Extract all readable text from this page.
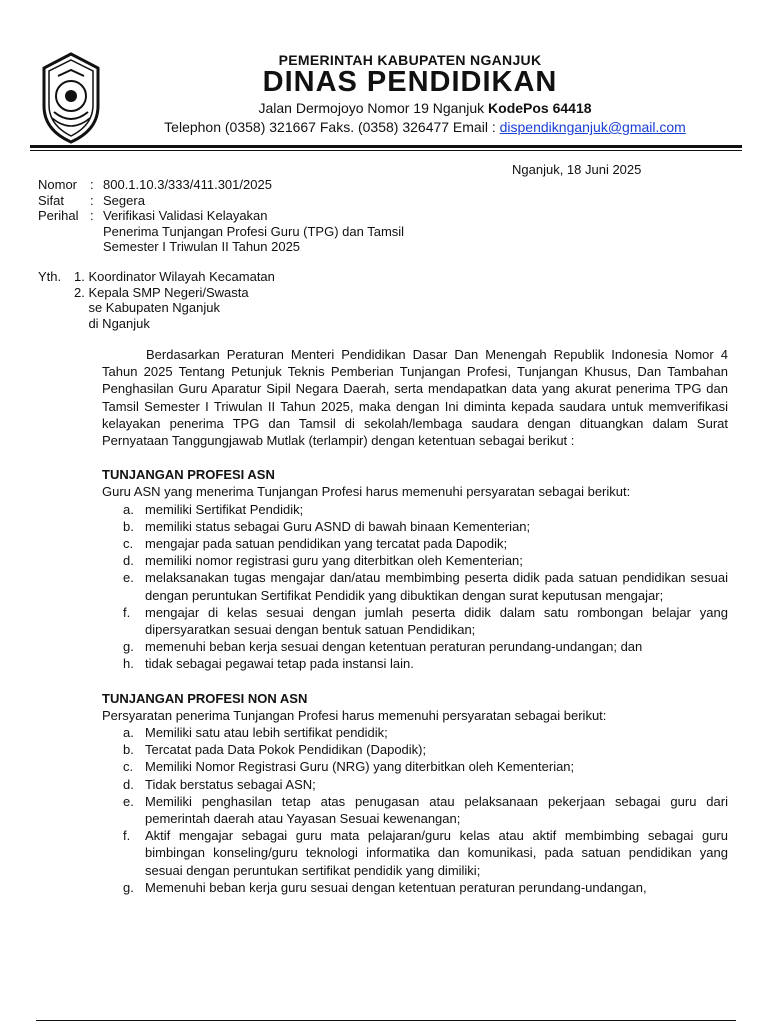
PEMERINTAH KABUPATEN NGANJUK
DINAS PENDIDIKAN
Jalan Dermojoyo Nomor 19 Nganjuk KodePos 64418
Telephon (0358) 321667 Faks. (0358) 326477 Email : dispendiknganjuk@gmail.com
Nganjuk, 18 Juni 2025
Nomor : 800.1.10.3/333/411.301/2025
Sifat	: Segera
Perihal : Verifikasi Validasi Kelayakan
Penerima Tunjangan Profesi Guru (TPG) dan Tamsil
Semester I Triwulan II Tahun 2025
Yth. 1. Koordinator Wilayah Kecamatan
2. Kepala SMP Negeri/Swasta
se Kabupaten Nganjuk
di Nganjuk
Berdasarkan Peraturan Menteri Pendidikan Dasar Dan Menengah Republik Indonesia Nomor 4 Tahun 2025 Tentang Petunjuk Teknis Pemberian Tunjangan Profesi, Tunjangan Khusus, Dan Tambahan Penghasilan Guru Aparatur Sipil Negara Daerah, serta mendapatkan data yang akurat penerima TPG dan Tamsil Semester I Triwulan II Tahun 2025, maka dengan Ini diminta kepada saudara untuk memverifikasi kelayakan penerima TPG dan Tamsil di sekolah/lembaga saudara dengan dituangkan dalam Surat Pernyataan Tanggungjawab Mutlak (terlampir) dengan ketentuan sebagai berikut :
TUNJANGAN PROFESI ASN
Guru ASN yang menerima Tunjangan Profesi harus memenuhi persyaratan sebagai berikut:
a. memiliki Sertifikat Pendidik;
b. memiliki status sebagai Guru ASND di bawah binaan Kementerian;
c. mengajar pada satuan pendidikan yang tercatat pada Dapodik;
d. memiliki nomor registrasi guru yang diterbitkan oleh Kementerian;
e. melaksanakan tugas mengajar dan/atau membimbing peserta didik pada satuan pendidikan sesuai dengan peruntukan Sertifikat Pendidik yang dibuktikan dengan surat keputusan mengajar;
f.	mengajar di kelas sesuai dengan jumlah peserta didik dalam satu rombongan belajar yang dipersyaratkan sesuai dengan bentuk satuan Pendidikan;
g. memenuhi beban kerja sesuai dengan ketentuan peraturan perundang-undangan; dan
h. tidak sebagai pegawai tetap pada instansi lain.
TUNJANGAN PROFESI NON ASN
Persyaratan penerima Tunjangan Profesi harus memenuhi persyaratan sebagai berikut:
a. Memiliki satu atau lebih sertifikat pendidik;
b. Tercatat pada Data Pokok Pendidikan (Dapodik);
c. Memiliki Nomor Registrasi Guru (NRG) yang diterbitkan oleh Kementerian;
d. Tidak berstatus sebagai ASN;
e. Memiliki penghasilan tetap atas penugasan atau pelaksanaan pekerjaan sebagai guru dari pemerintah daerah atau Yayasan Sesuai kewenangan;
f.	Aktif mengajar sebagai guru mata pelajaran/guru kelas atau aktif membimbing sebagai guru bimbingan konseling/guru teknologi informatika dan komunikasi, pada satuan pendidikan yang sesuai dengan peruntukan sertifikat pendidik yang dimiliki;
g. Memenuhi beban kerja guru sesuai dengan ketentuan peraturan perundang-undangan,
